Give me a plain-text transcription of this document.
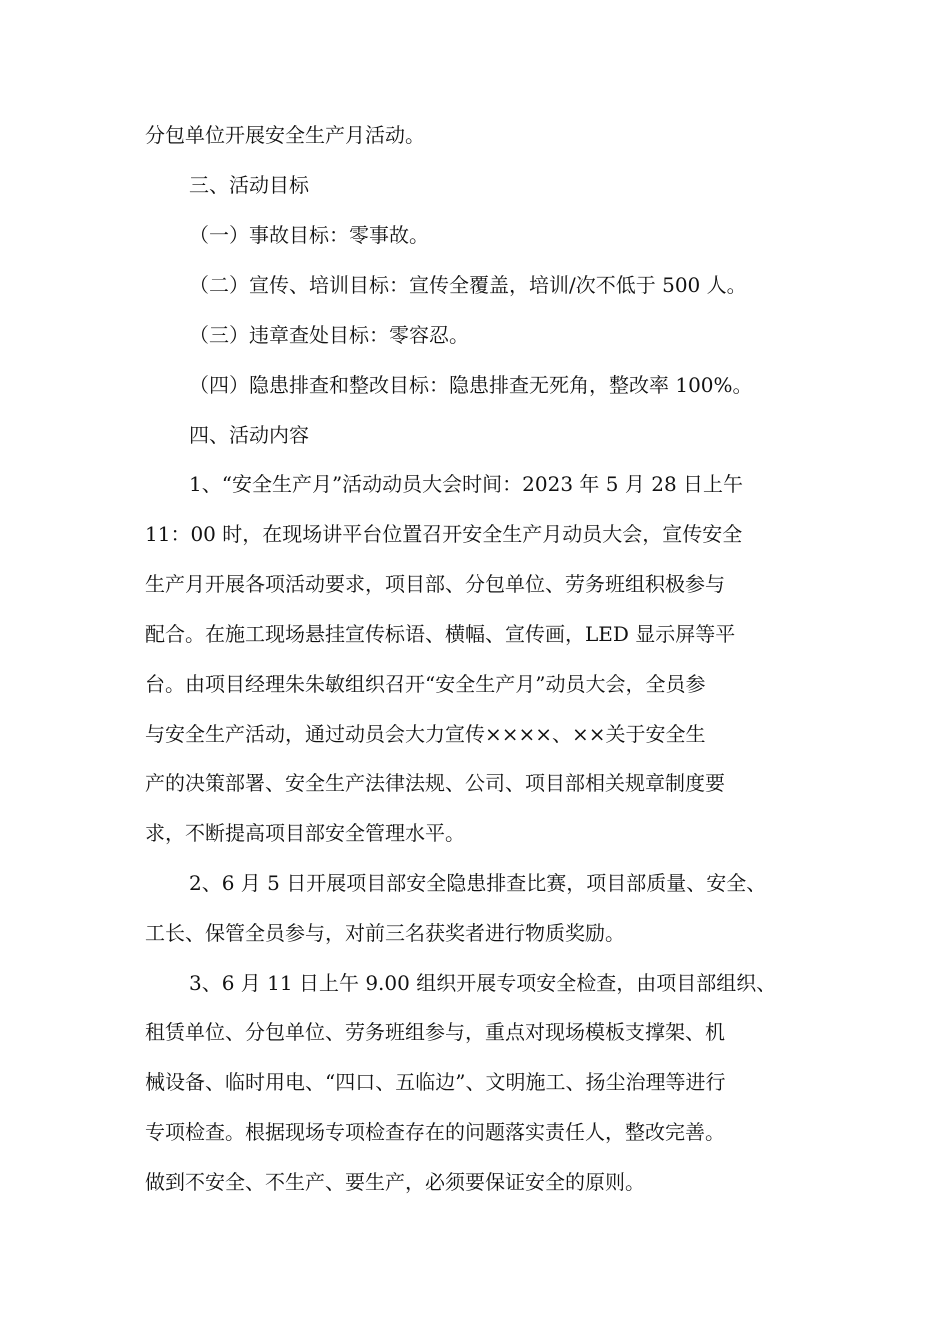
分包单位开展安全生产月活动。

三、活动目标

（一）事故目标：零事故。

（二）宣传、培训目标：宣传全覆盖，培训/次不低于 500 人。

（三）违章查处目标：零容忍。

（四）隐患排查和整改目标：隐患排查无死角，整改率 100%。

四、活动内容

1、“安全生产月”活动动员大会时间：2023 年 5 月 28 日上午

11：00 时，在现场讲平台位置召开安全生产月动员大会，宣传安全

生产月开展各项活动要求，项目部、分包单位、劳务班组积极参与

配合。在施工现场悬挂宣传标语、横幅、宣传画，LED 显示屏等平

台。由项目经理朱朱敏组织召开“安全生产月”动员大会，全员参

与安全生产活动，通过动员会大力宣传××××、××关于安全生

产的决策部署、安全生产法律法规、公司、项目部相关规章制度要

求，不断提高项目部安全管理水平。

2、6 月 5 日开展项目部安全隐患排查比赛，项目部质量、安全、

工长、保管全员参与，对前三名获奖者进行物质奖励。

3、6 月 11 日上午 9.00 组织开展专项安全检查，由项目部组织、

租赁单位、分包单位、劳务班组参与，重点对现场模板支撑架、机

械设备、临时用电、“四口、五临边”、文明施工、扬尘治理等进行

专项检查。根据现场专项检查存在的问题落实责任人，整改完善。

做到不安全、不生产、要生产，必须要保证安全的原则。
